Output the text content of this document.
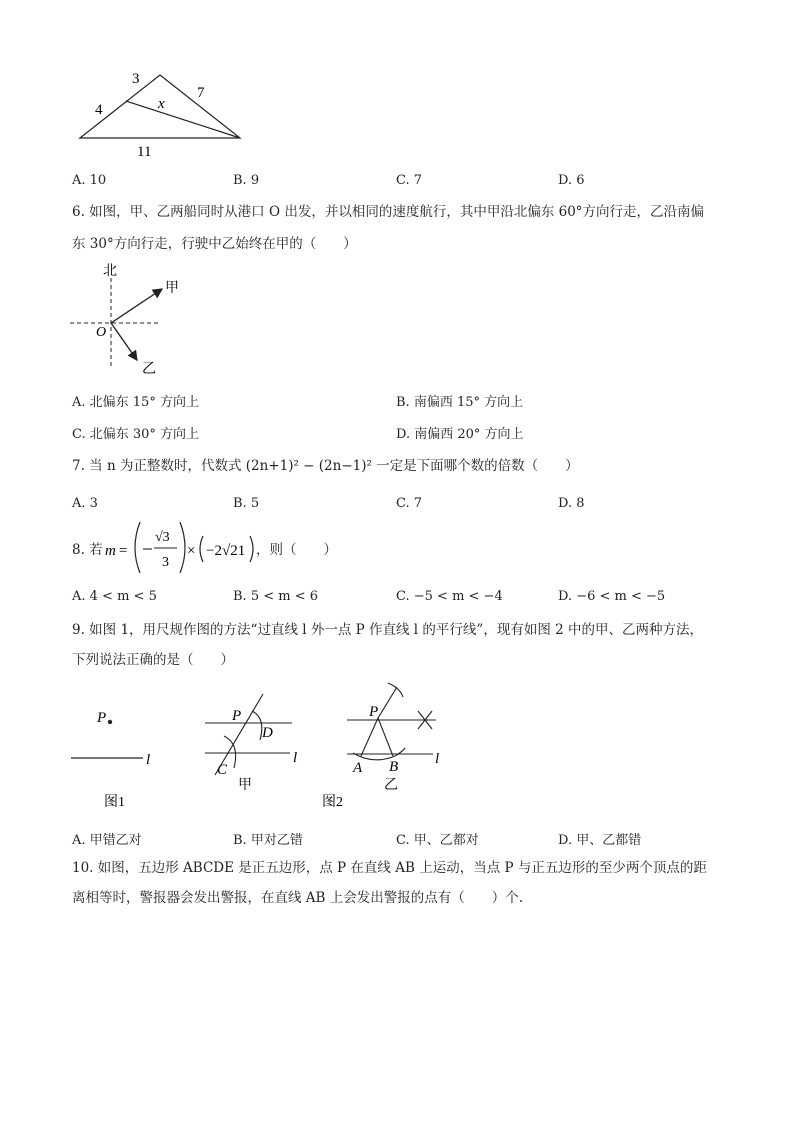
3
4
7
x
11
A. 10	B. 9	C. 7	D. 6
6. 如图，甲、乙两船同时从港口 O 出发，并以相同的速度航行，其中甲沿北偏东 60°方向行走，乙沿南偏
东 30°方向行走，行驶中乙始终在甲的（　　）
北
O
甲
乙
A. 北偏东 15° 方向上	B. 南偏西 15° 方向上
C. 北偏东 30° 方向上	D. 南偏西 20° 方向上
7. 当 n 为正整数时，代数式 (2n+1)² − (2n−1)² 一定是下面哪个数的倍数（　　）
A. 3	B. 5	C. 7	D. 8
8. 若 m =
√3
3
× −2√21 ，则（　　）
A. 4 < m < 5	B. 5 < m < 6	C. −5 < m < −4	D. −6 < m < −5
9. 如图 1，用尺规作图的方法“过直线 l 外一点 P 作直线 l 的平行线”，现有如图 2 中的甲、乙两种方法，
下列说法正确的是（　　）
P
l
图1
P
D
C
l
甲
P
A B l
乙
图2
A. 甲错乙对	B. 甲对乙错	C. 甲、乙都对	D. 甲、乙都错
10. 如图，五边形 ABCDE 是正五边形，点 P 在直线 AB 上运动，当点 P 与正五边形的至少两个顶点的距
离相等时，警报器会发出警报，在直线 AB 上会发出警报的点有（　　）个.
